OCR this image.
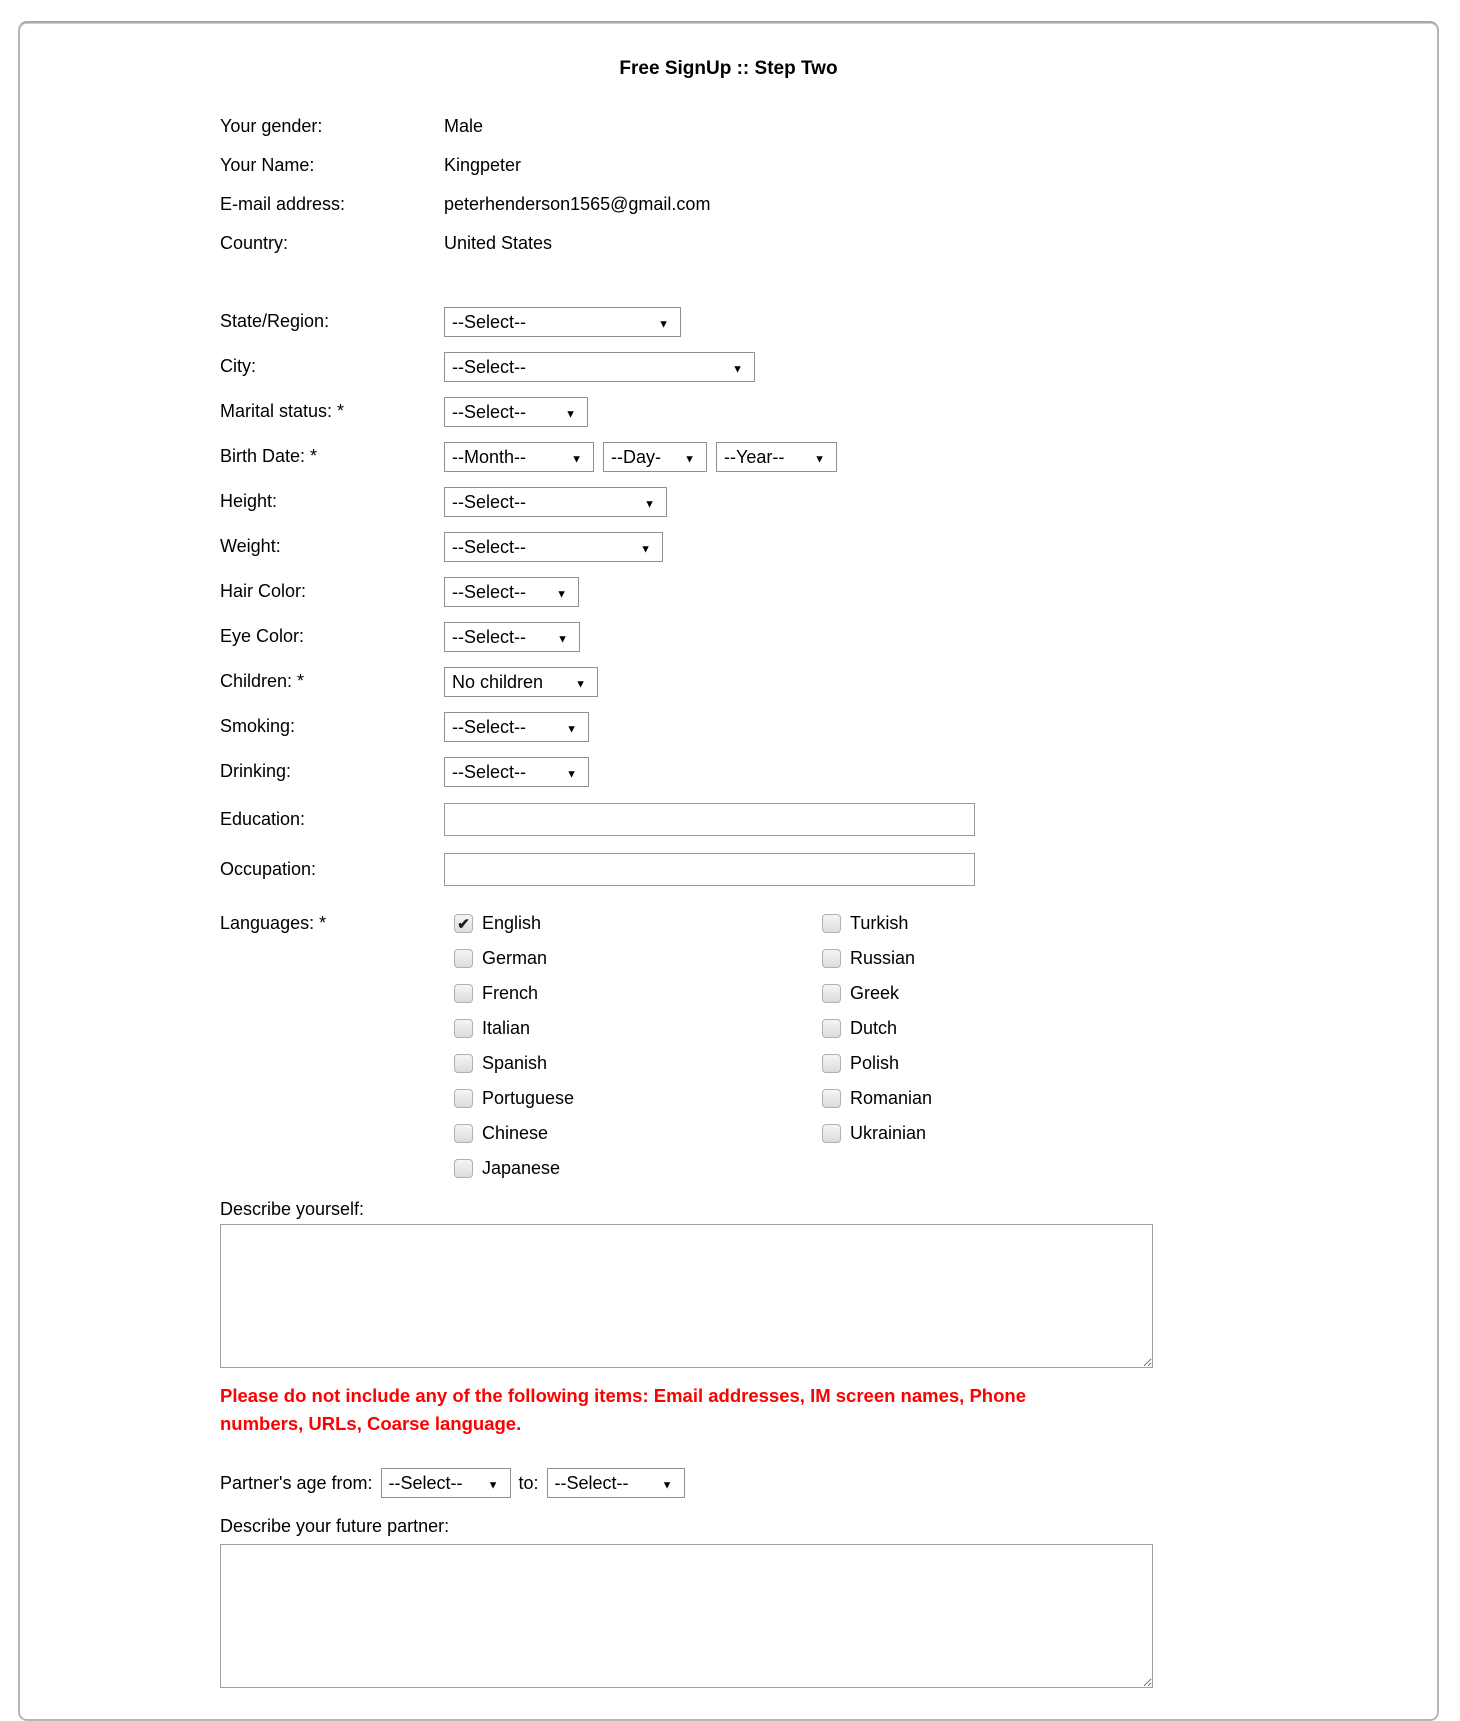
Free SignUp :: Step Two
Your gender:	Male
Your Name:	Kingpeter
E-mail address:	peterhenderson1565@gmail.com
Country:	United States
State/Region:
--Select--
▼
City:
--Select--
▼
Marital status: *
--Select--
▼
Birth Date: *
--Month--
▼
--Day-
▼
--Year--
▼
Height:
--Select--
▼
Weight:
--Select--
▼
Hair Color:
--Select--
▼
Eye Color:
--Select--
▼
Children: *
No children
▼
Smoking:
--Select--
▼
Drinking:
--Select--
▼
Education:
Occupation:
Languages: * ✔	English
German
French
Italian
Spanish
Portuguese
Chinese
Japanese
Turkish
Russian
Greek
Dutch
Polish
Romanian
Ukrainian
Describe yourself:
Please do not include any of the following items: Email addresses, IM screen names, Phone numbers, URLs, Coarse language.
Partner's age from:
--Select-- ▼	to:
--Select--
▼
Describe your future partner:
